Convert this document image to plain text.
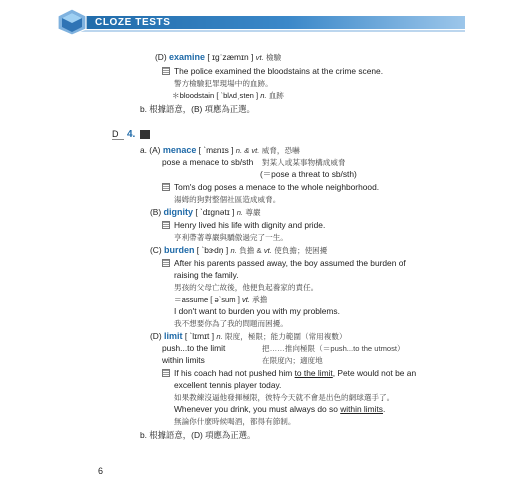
CLOZE TESTS
(D) examine [ ɪgˈzæmɪn ] vt. 檢驗
The police examined the bloodstains at the crime scene.
警方檢驗犯罪現場中的血跡。
＊bloodstain [ ˋblʌdˏsten ] n. 血跡
b. 根據語意，(B) 項應為正選。
D 4.
a. (A) menace [ ˋmɛnɪs ] n. & vt. 威脅，恐嚇
pose a menace to sb/sth 對某人或某事物構成威脅
(＝pose a threat to sb/sth)
Tom's dog poses a menace to the whole neighborhood.
湯姆的狗對整個社區造成威脅。
(B) dignity [ ˋdɪgnətɪ ] n. 尊嚴
Henry lived his life with dignity and pride.
亨利帶著尊嚴與驕傲過完了一生。
(C) burden [ ˋbɝdn̩ ] n. 負擔 & vt. 使負擔；使困擾
After his parents passed away, the boy assumed the burden of
raising the family.
男孩的父母亡故後，他便負起養家的責任。
＝assume [ əˋsum ] vt. 承擔
I don't want to burden you with my problems.
我不想要你為了我的問題而困擾。
(D) limit [ ˋlɪmɪt ] n. 限度，極限；能力範圍（常用複數）
push...to the limit	把……推向極限（＝push...to the utmost）
within limits	在限度內；適度地
If his coach had not pushed him to the limit, Pete would not be an
excellent tennis player today.
如果教練沒逼他發揮極限，彼特今天就不會是出色的網球選手了。
Whenever you drink, you must always do so within limits.
無論你什麼時候喝酒，都得有節制。
b. 根據語意，(D) 項應為正選。
6
